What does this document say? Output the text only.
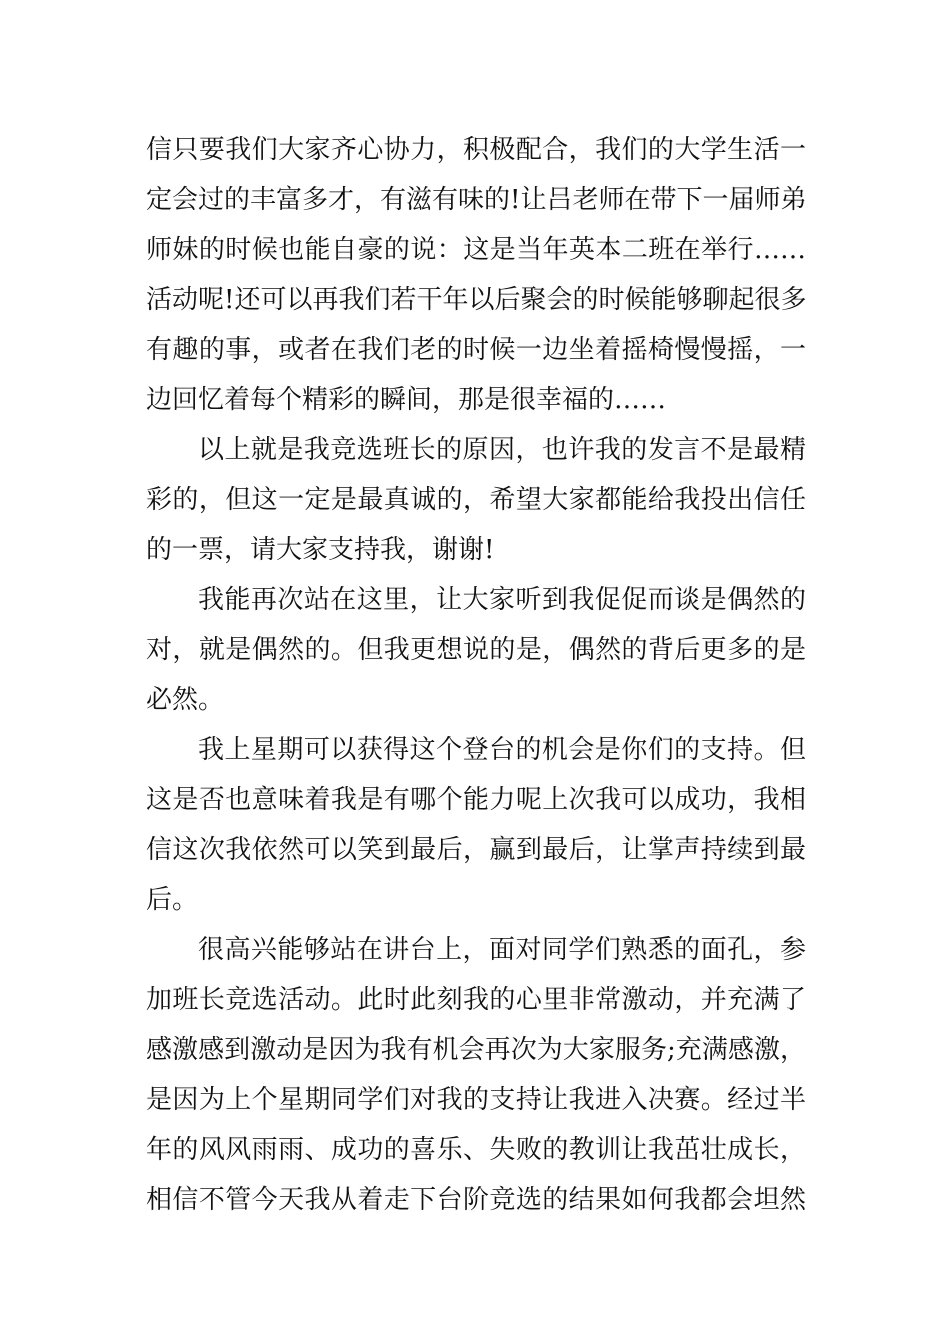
信只要我们大家齐心协力，积极配合，我们的大学生活一
定会过的丰富多才，有滋有味的!让吕老师在带下一届师弟
师妹的时候也能自豪的说：这是当年英本二班在举行……
活动呢!还可以再我们若干年以后聚会的时候能够聊起很多
有趣的事，或者在我们老的时候一边坐着摇椅慢慢摇，一
边回忆着每个精彩的瞬间，那是很幸福的……
以上就是我竞选班长的原因，也许我的发言不是最精
彩的，但这一定是最真诚的，希望大家都能给我投出信任
的一票，请大家支持我，谢谢!
我能再次站在这里，让大家听到我促促而谈是偶然的
对，就是偶然的。但我更想说的是，偶然的背后更多的是
必然。
我上星期可以获得这个登台的机会是你们的支持。但
这是否也意味着我是有哪个能力呢上次我可以成功，我相
信这次我依然可以笑到最后，赢到最后，让掌声持续到最
后。
很高兴能够站在讲台上，面对同学们熟悉的面孔，参
加班长竞选活动。此时此刻我的心里非常激动，并充满了
感激感到激动是因为我有机会再次为大家服务;充满感激，
是因为上个星期同学们对我的支持让我进入决赛。经过半
年的风风雨雨、成功的喜乐、失败的教训让我茁壮成长，
相信不管今天我从着走下台阶竞选的结果如何我都会坦然
